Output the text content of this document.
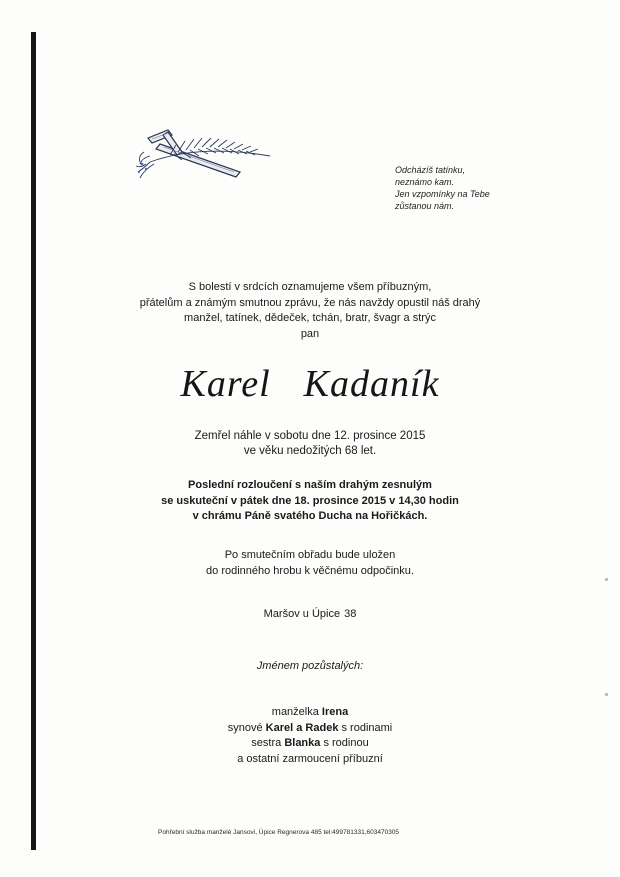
Odcházíš tatínku,
neznámo kam.
Jen vzpomínky na Tebe
zůstanou nám.
S bolestí v srdcích oznamujeme všem příbuzným,
přátelům a známým smutnou zprávu, že nás navždy opustil náš drahý
manžel, tatínek, dědeček, tchán, bratr, švagr a strýc
pan
Karel  Kadaník
Zemřel náhle v sobotu dne 12. prosince 2015
ve věku nedožitých 68 let.
Poslední rozloučení s naším drahým zesnulým
se uskuteční v pátek dne 18. prosince 2015 v 14,30 hodin
v chrámu Páně svatého Ducha na Hořičkách.
Po smutečním obřadu bude uložen
do rodinného hrobu k věčnému odpočinku.
Maršov u Úpice 38
Jménem pozůstalých:
manželka Irena
synové Karel a Radek s rodinami
sestra Blanka s rodinou
a ostatní zarmoucení příbuzní
Pohřební služba manželé Jansovi, Úpice Regnerova 485 tel:499781331,603470305
